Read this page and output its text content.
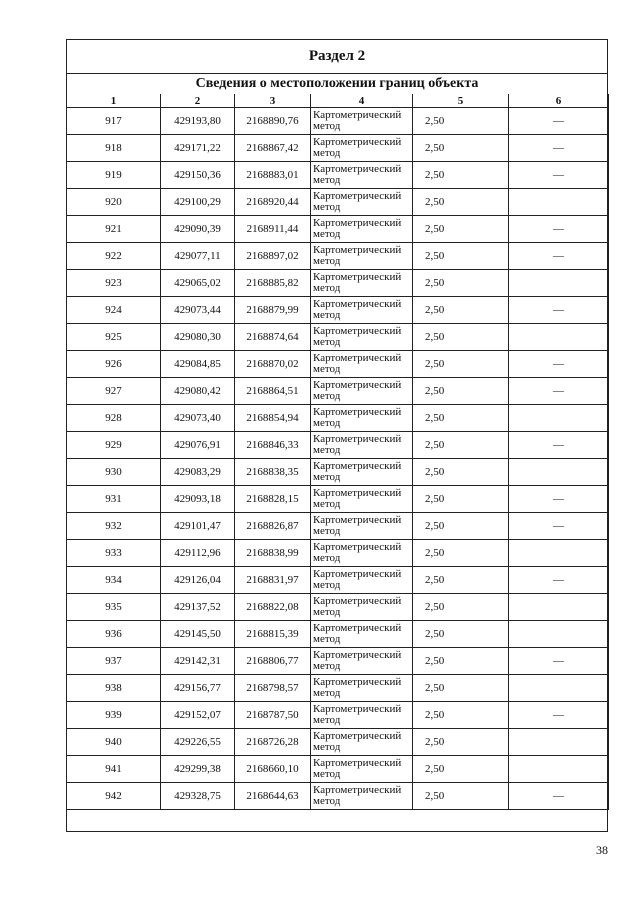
Раздел 2
Сведения о местоположении границ объекта
1	2	3	4	5	6
917	429193,80	2168890,76	Картометрический метод	2,50	—
918	429171,22	2168867,42	Картометрический метод	2,50	—
919	429150,36	2168883,01	Картометрический метод	2,50	—
920	429100,29	2168920,44	Картометрический метод	2,50	
921	429090,39	2168911,44	Картометрический метод	2,50	—
922	429077,11	2168897,02	Картометрический метод	2,50	—
923	429065,02	2168885,82	Картометрический метод	2,50	
924	429073,44	2168879,99	Картометрический метод	2,50	—
925	429080,30	2168874,64	Картометрический метод	2,50	
926	429084,85	2168870,02	Картометрический метод	2,50	—
927	429080,42	2168864,51	Картометрический метод	2,50	—
928	429073,40	2168854,94	Картометрический метод	2,50	
929	429076,91	2168846,33	Картометрический метод	2,50	—
930	429083,29	2168838,35	Картометрический метод	2,50	
931	429093,18	2168828,15	Картометрический метод	2,50	—
932	429101,47	2168826,87	Картометрический метод	2,50	—
933	429112,96	2168838,99	Картометрический метод	2,50	
934	429126,04	2168831,97	Картометрический метод	2,50	—
935	429137,52	2168822,08	Картометрический метод	2,50	
936	429145,50	2168815,39	Картометрический метод	2,50	
937	429142,31	2168806,77	Картометрический метод	2,50	—
938	429156,77	2168798,57	Картометрический метод	2,50	
939	429152,07	2168787,50	Картометрический метод	2,50	—
940	429226,55	2168726,28	Картометрический метод	2,50	
941	429299,38	2168660,10	Картометрический метод	2,50	
942	429328,75	2168644,63	Картометрический метод	2,50	—
38
